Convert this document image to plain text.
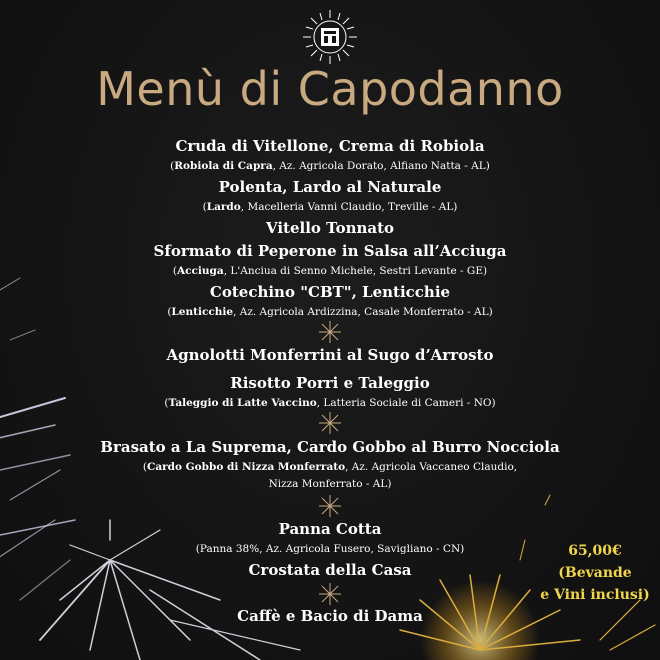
Menù di Capodanno
Cruda di Vitellone, Crema di Robiola
(Robiola di Capra, Az. Agricola Dorato, Alfiano Natta - AL)
Polenta, Lardo al Naturale
(Lardo, Macelleria Vanni Claudio, Treville - AL)
Vitello Tonnato
Sformato di Peperone in Salsa all’Acciuga
(Acciuga, L'Anciua di Senno Michele, Sestri Levante - GE)
Cotechino "CBT", Lenticchie
(Lenticchie, Az. Agricola Ardizzina, Casale Monferrato - AL)
Agnolotti Monferrini al Sugo d’Arrosto
Risotto Porri e Taleggio
(Taleggio di Latte Vaccino, Latteria Sociale di Cameri - NO)
Brasato a La Suprema, Cardo Gobbo al Burro Nocciola
(Cardo Gobbo di Nizza Monferrato, Az. Agricola Vaccaneo Claudio,
Nizza Monferrato - AL)
Panna Cotta
(Panna 38%, Az. Agricola Fusero, Savigliano - CN)
Crostata della Casa
Caffè e Bacio di Dama
65,00€
(Bevande
e Vini inclusi)
